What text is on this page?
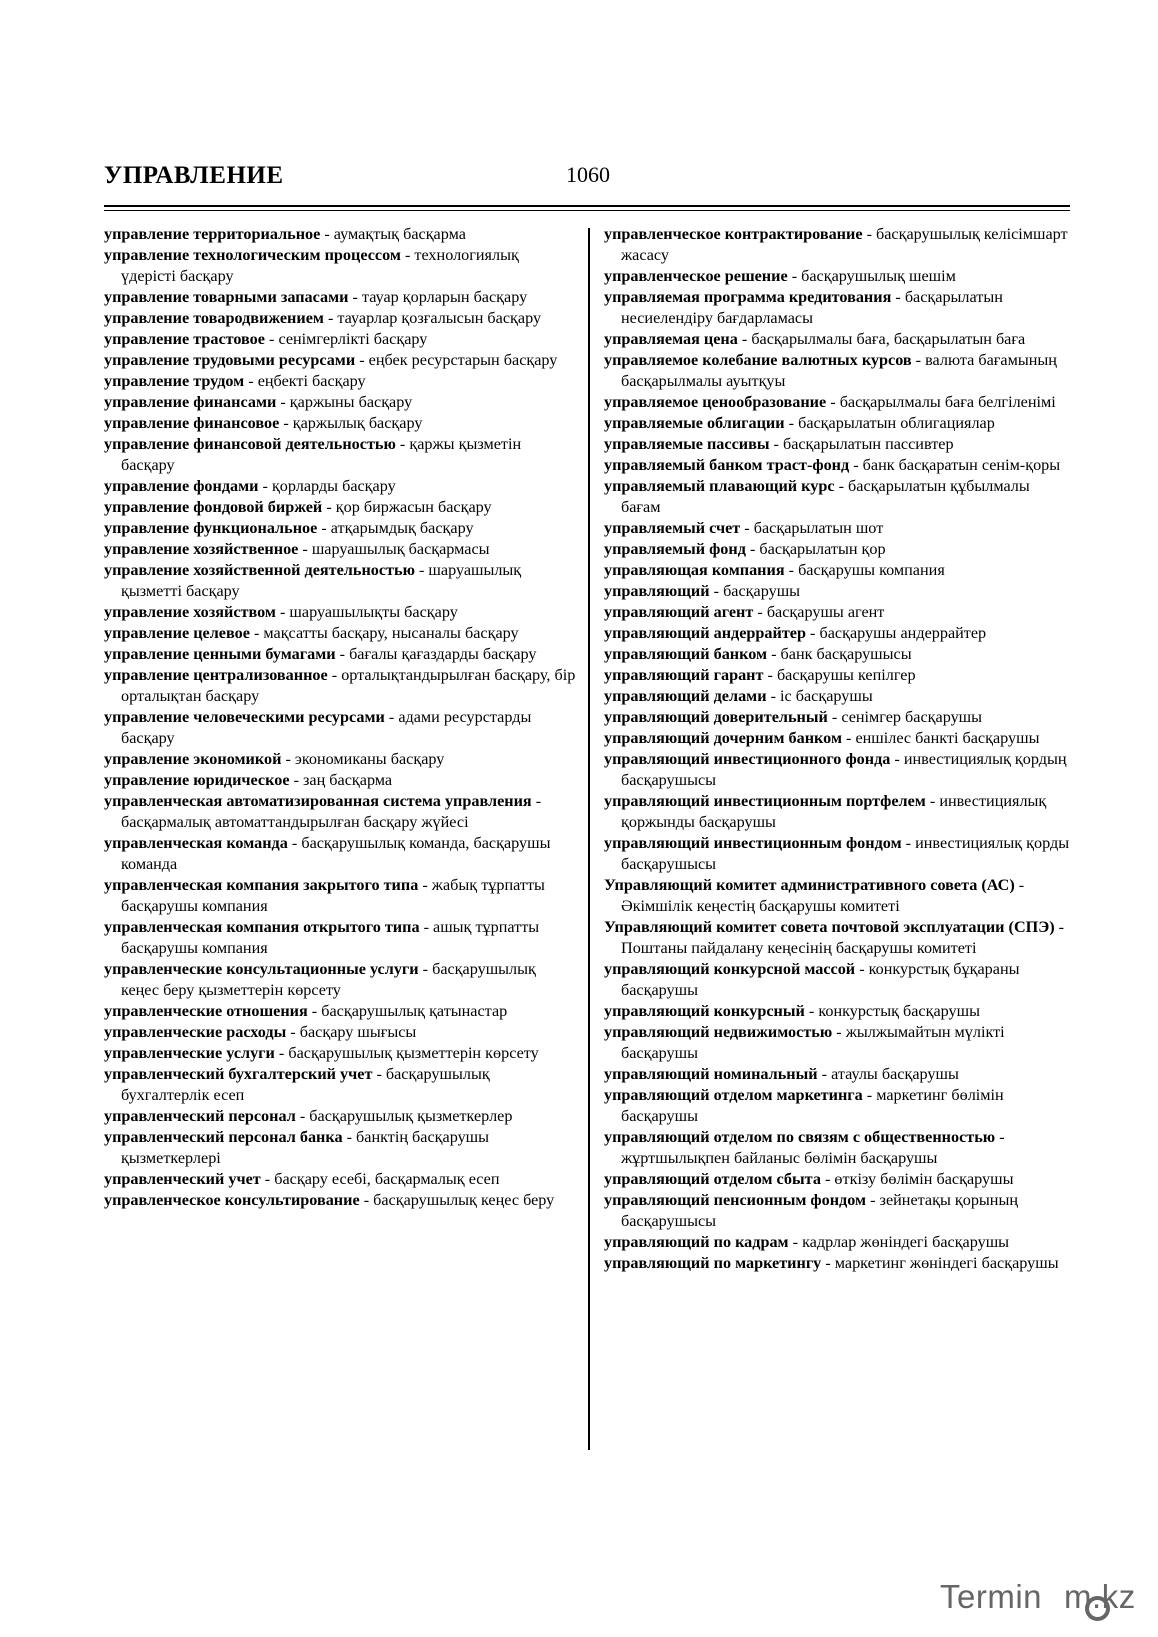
УПРАВЛЕНИЕ	1060
управление территориальное - аумақтық басқарма
управление технологическим процессом - технологиялық үдерісті басқару
управление товарными запасами - тауар қорларын басқару
управление товародвижением - тауарлар қозғалысын басқару
управление трастовое - сенімгерлікті басқару
управление трудовыми ресурсами - еңбек ресурстарын басқару
управление трудом - еңбекті басқару
управление финансами - қаржыны басқару
управление финансовое - қаржылық басқару
управление финансовой деятельностью - қаржы қызметін басқару
управление фондами - қорларды басқару
управление фондовой биржей - қор биржасын басқару
управление функциональное - атқарымдық басқару
управление хозяйственное - шаруашылық басқармасы
управление хозяйственной деятельностью - шаруашылық қызметті басқару
управление хозяйством - шаруашылықты басқару
управление целевое - мақсатты басқару, нысаналы басқару
управление ценными бумагами - бағалы қағаздарды басқару
управление централизованное - орталықтандырылған басқару, бір орталықтан басқару
управление человеческими ресурсами - адами ресурстарды басқару
управление экономикой - экономиканы басқару
управление юридическое - заң басқарма
управленческая автоматизированная система управления - басқармалық автоматтандырылған басқару жүйесі
управленческая команда - басқарушылық команда, басқарушы команда
управленческая компания закрытого типа - жабық тұрпатты басқарушы компания
управленческая компания открытого типа - ашық тұрпатты басқарушы компания
управленческие консультационные услуги - басқарушылық кеңес беру қызметтерін көрсету
управленческие отношения - басқарушылық қатынастар
управленческие расходы - басқару шығысы
управленческие услуги - басқарушылық қызметтерін көрсету
управленческий бухгалтерский учет - басқарушылық бухгалтерлік есеп
управленческий персонал - басқарушылық қызметкерлер
управленческий персонал банка - банктің басқарушы қызметкерлері
управленческий учет - басқару есебі, басқармалық есеп
управленческое консультирование - басқарушылық кеңес беру
управленческое контрактирование - басқарушылық келісімшарт жасасу
управленческое решение - басқарушылық шешім
управляемая программа кредитования - басқарылатын несиелендіру бағдарламасы
управляемая цена - басқарылмалы баға, басқарылатын баға
управляемое колебание валютных курсов - валюта бағамының басқарылмалы ауытқуы
управляемое ценообразование - басқарылмалы баға белгіленімі
управляемые облигации - басқарылатын облигациялар
управляемые пассивы - басқарылатын пассивтер
управляемый банком траст-фонд - банк басқаратын сенім-қоры
управляемый плавающий курс - басқарылатын құбылмалы бағам
управляемый счет - басқарылатын шот
управляемый фонд - басқарылатын қор
управляющая компания - басқарушы компания
управляющий - басқарушы
управляющий агент - басқарушы агент
управляющий андеррайтер - басқарушы андеррайтер
управляющий банком - банк басқарушысы
управляющий гарант - басқарушы кепілгер
управляющий делами - іс басқарушы
управляющий доверительный - сенімгер басқарушы
управляющий дочерним банком - еншілес банкті басқарушы
управляющий инвестиционного фонда - инвестициялық қордың басқарушысы
управляющий инвестиционным портфелем - инвестициялық қоржынды басқарушы
управляющий инвестиционным фондом - инвестициялық қорды басқарушысы
Управляющий комитет административного совета (АС) - Әкімшілік кеңестің басқарушы комитеті
Управляющий комитет совета почтовой эксплуатации (СПЭ) - Поштаны пайдалану кеңесінің басқарушы комитеті
управляющий конкурсной массой - конкурстық бұқараны басқарушы
управляющий конкурсный - конкурстық басқарушы
управляющий недвижимостью - жылжымайтын мүлікті басқарушы
управляющий номинальный - атаулы басқарушы
управляющий отделом маркетинга - маркетинг бөлімін басқарушы
управляющий отделом по связям с общественностью - жұртшылықпен байланыс бөлімін басқарушы
управляющий отделом сбыта - өткізу бөлімін басқарушы
управляющий пенсионным фондом - зейнетақы қорының басқарушысы
управляющий по кадрам - кадрлар жөніндегі басқарушы
управляющий по маркетингу - маркетинг жөніндегі басқарушы
Termin m.kz
